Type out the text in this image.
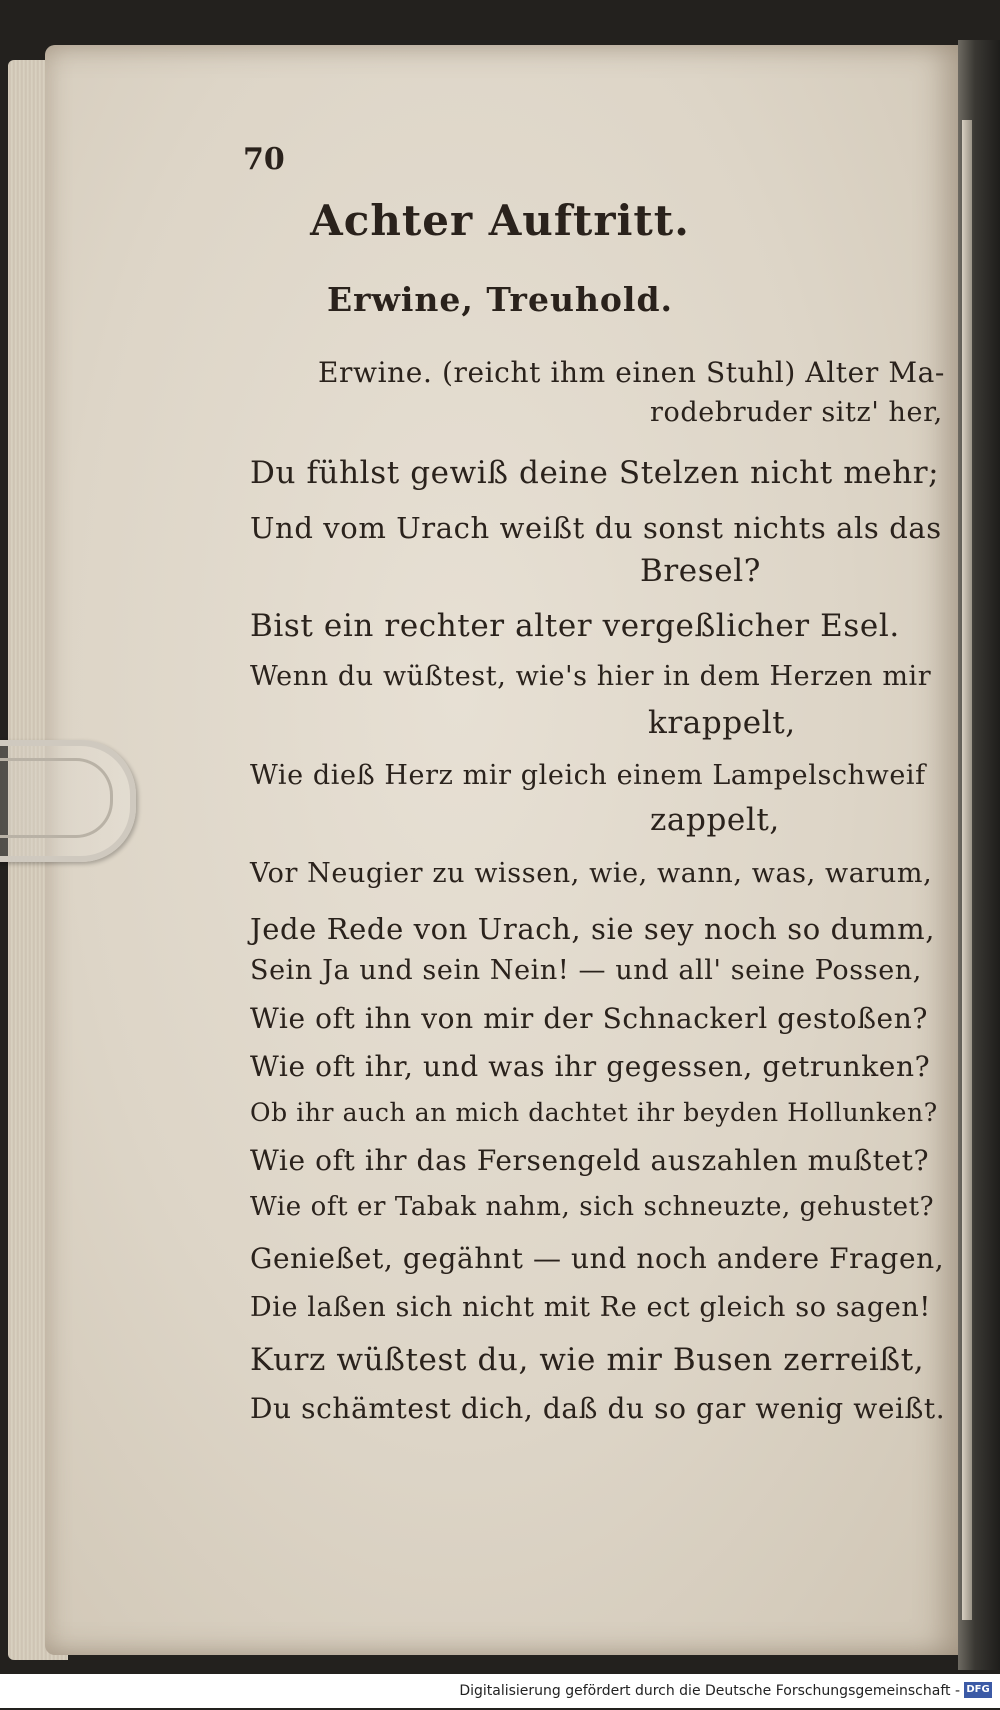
70
Achter Auftritt.
Erwine, Treuhold.
Erwine. (reicht ihm einen Stuhl) Alter Ma-
rodebruder sitz' her,
Du fühlst gewiß deine Stelzen nicht mehr;
Und vom Urach weißt du sonst nichts als das
Bresel?
Bist ein rechter alter vergeßlicher Esel.
Wenn du wüßtest, wie's hier in dem Herzen mir
krappelt,
Wie dieß Herz mir gleich einem Lampelschweif
zappelt,
Vor Neugier zu wissen, wie, wann, was, warum,
Jede Rede von Urach, sie sey noch so dumm,
Sein Ja und sein Nein! — und all' seine Possen,
Wie oft ihn von mir der Schnackerl gestoßen?
Wie oft ihr, und was ihr gegessen, getrunken?
Ob ihr auch an mich dachtet ihr beyden Hollunken?
Wie oft ihr das Fersengeld auszahlen mußtet?
Wie oft er Tabak nahm, sich schneuzte, gehustet?
Genießet, gegähnt — und noch andere Fragen,
Die laßen sich nicht mit Re ect gleich so sagen!
Kurz wüßtest du, wie mir Busen zerreißt,
Du schämtest dich, daß du so gar wenig weißt.
Digitalisierung gefördert durch die Deutsche Forschungsgemeinschaft - DFG
